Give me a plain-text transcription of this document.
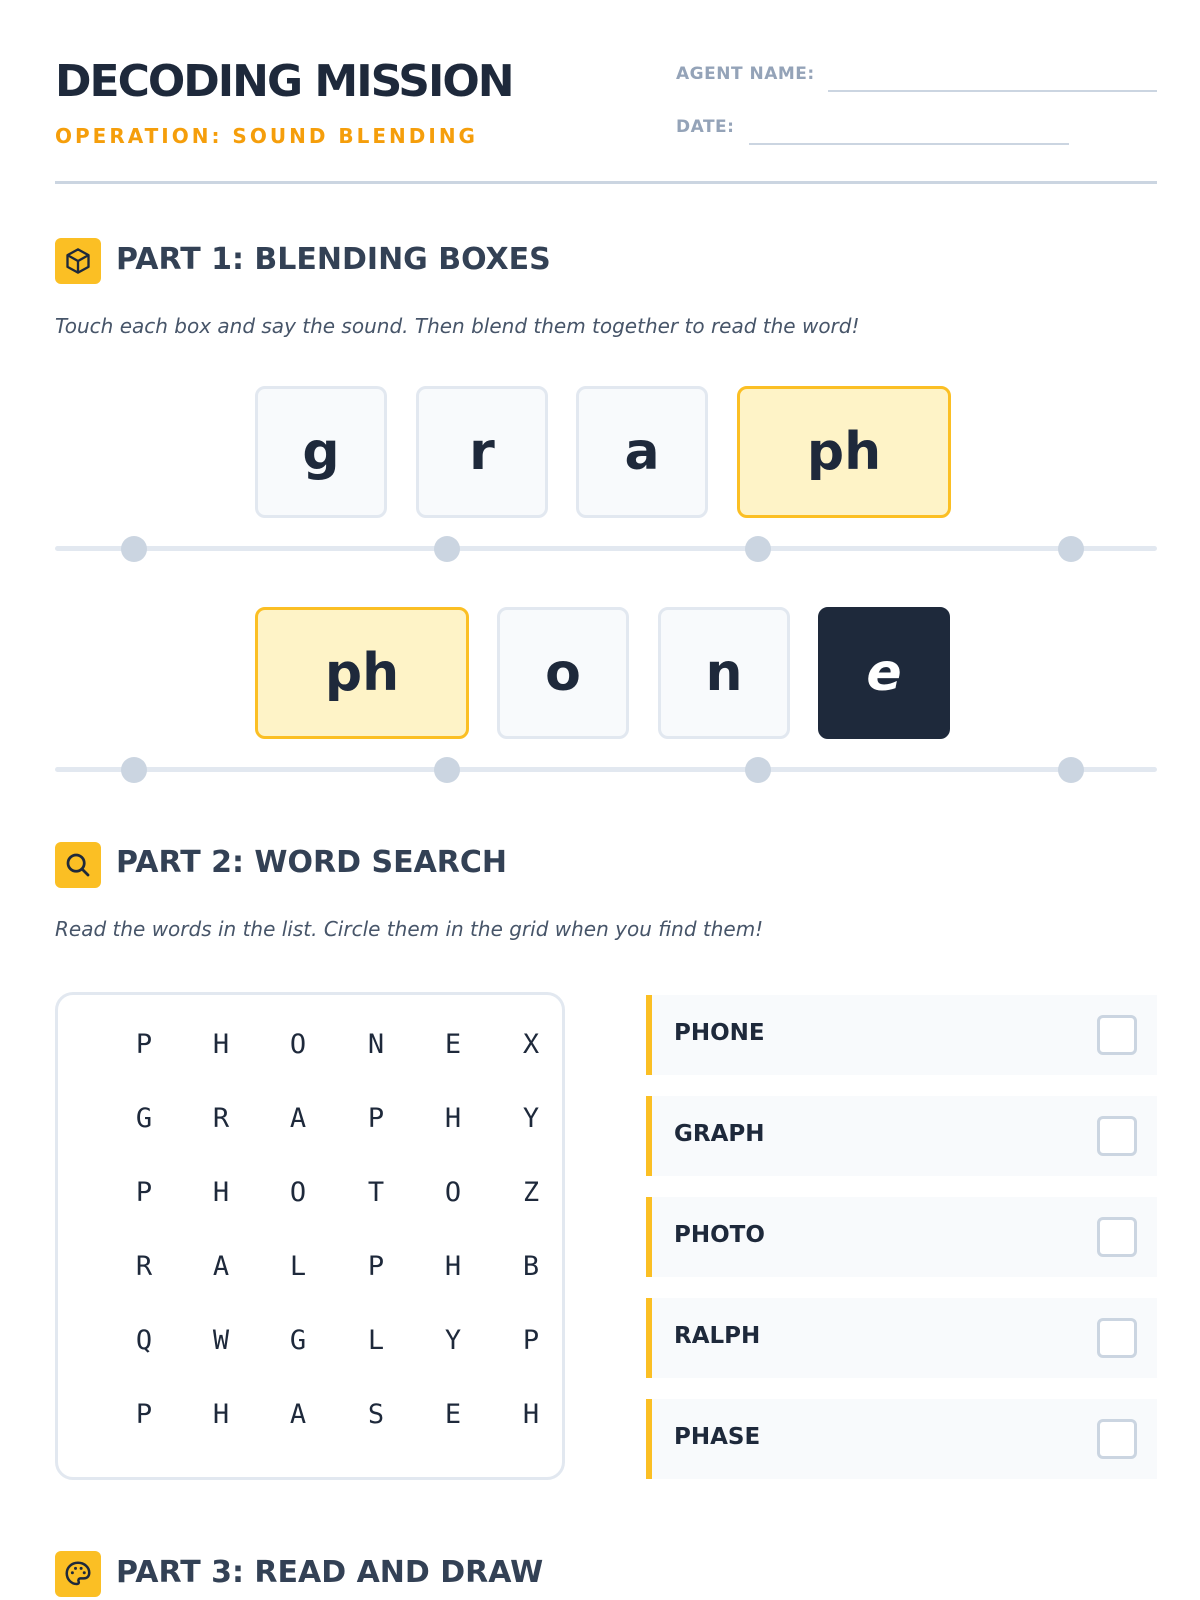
DECODING MISSION
OPERATION: SOUND BLENDING
AGENT NAME:
DATE:
PART 1: BLENDING BOXES
Touch each box and say the sound. Then blend them together to read the word!
g	r	a	ph
ph	o	n	e
PART 2: WORD SEARCH
Read the words in the list. Circle them in the grid when you find them!
P	H	O	N	E	X
G	R	A	P	H	Y
P	H	O	T	O	Z
R	A	L	P	H	B
Q	W	G	L	Y	P
P	H	A	S	E	H
PHONE
GRAPH
PHOTO
RALPH
PHASE
PART 3: READ AND DRAW
